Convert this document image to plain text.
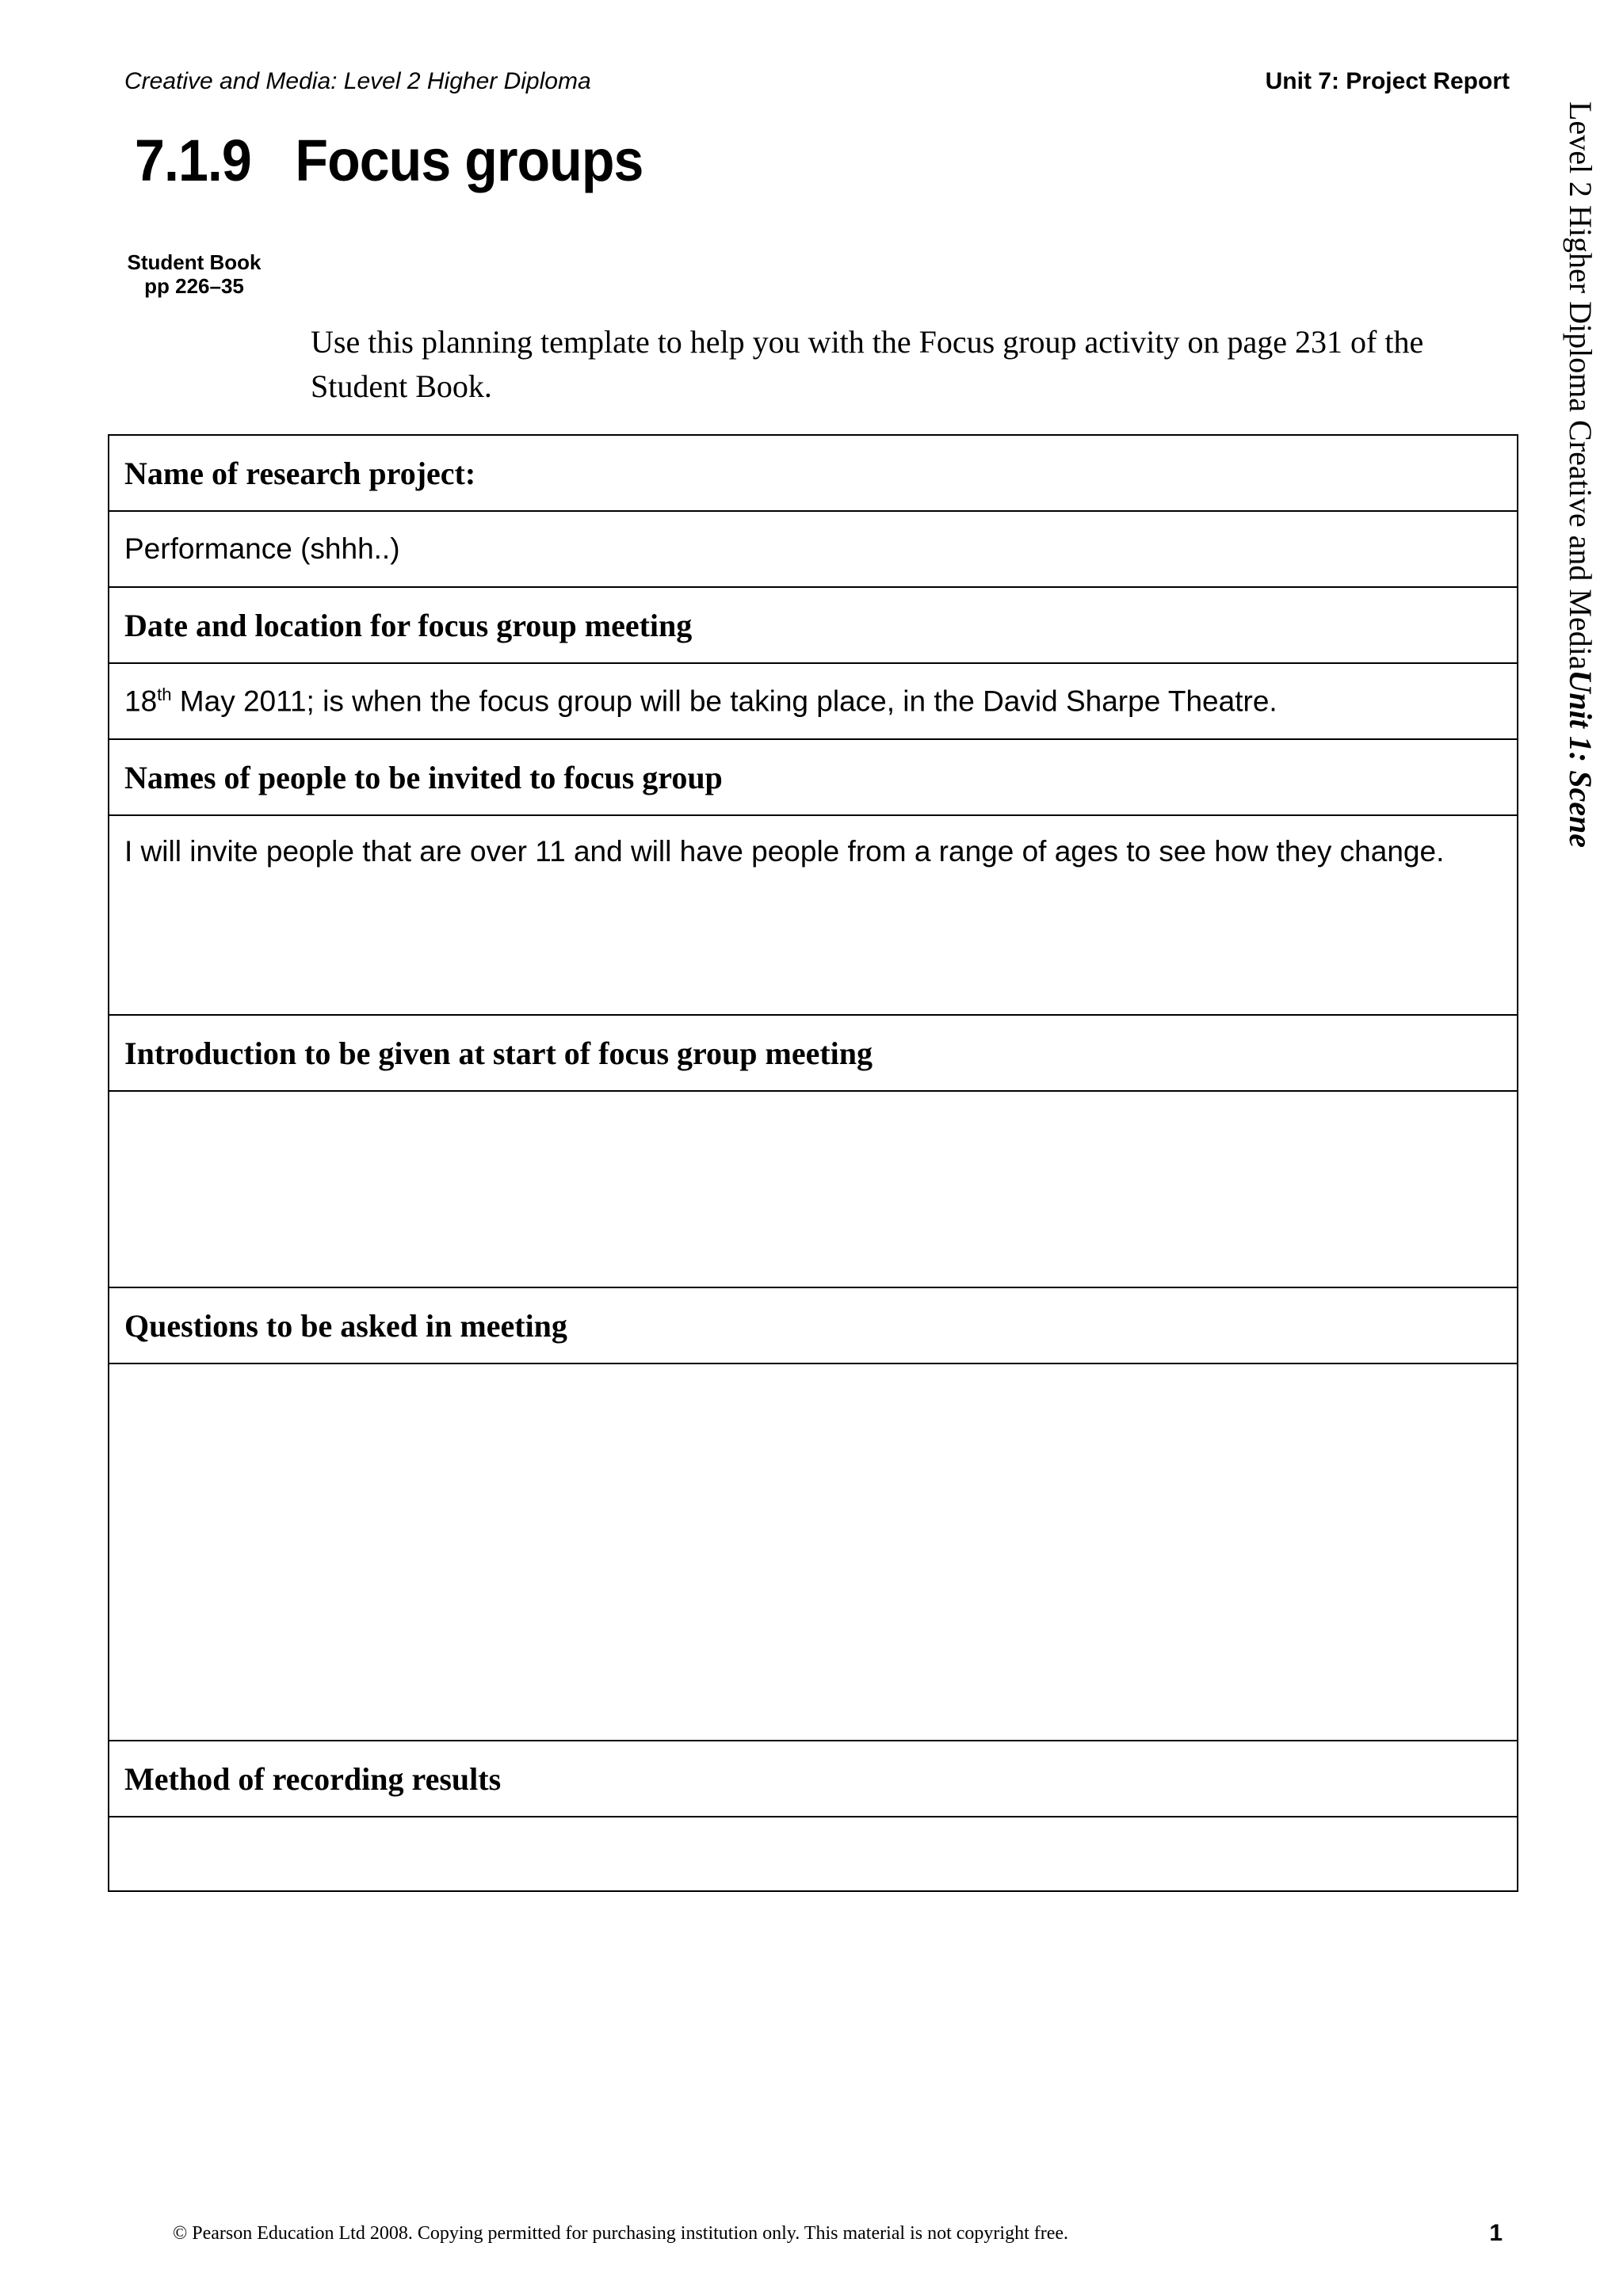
Creative and Media: Level 2 Higher Diploma	Unit 7: Project Report
7.1.9 Focus groups
Student Book
pp 226–35
Use this planning template to help you with the Focus group activity on page 231 of the Student Book.	Level 2 Higher Diploma Creative and MediaUnit 1: Scene
Name of research project:
Performance (shhh..)
Date and location for focus group meeting
18th May 2011; is when the focus group will be taking place, in the David Sharpe Theatre.
Names of people to be invited to focus group
I will invite people that are over 11 and will have people from a range of ages to see how they change.
Introduction to be given at start of focus group meeting

Questions to be asked in meeting

Method of recording results

© Pearson Education Ltd 2008. Copying permitted for purchasing institution only. This material is not copyright free.	1
